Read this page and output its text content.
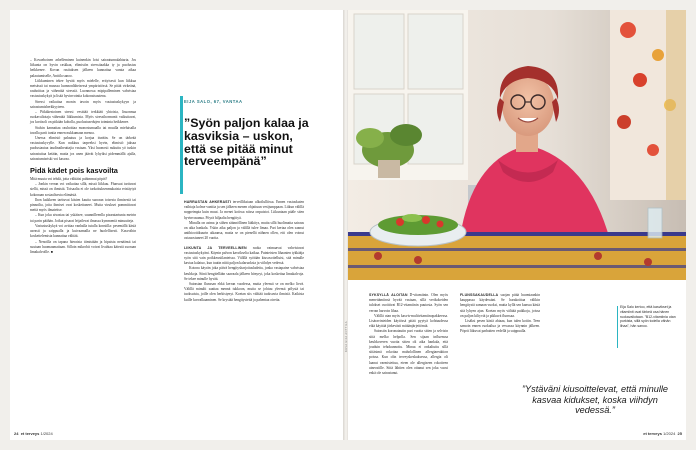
– Kovaehoinen arhelleminen kuinenkin loisi sairaatunnalahtarta. Jos liikunta on hyvin raskkaa, elimistön stressitaakka ty ja puolustus heikkenee. Kovan rasituksen jälkeen kannattaa varata aikaa palautumiselle, Anttila sanoo.

Liikkuminen tekee hyvää myös mielelle, erityisesti kun liikkua metsässä tai muussa luonnonläheisessä ympäristössä. Se pitää virkeänä, rauhoittaa ja vähentää stressiä. Luonnossa mipipalleminen vahvistaa vastustuskykyä ja lisää hyvinvointia kokonaisuutena.

Stressi vaikuttaa monin tavoin myös vastustuskykyyn ja sairastumisherkkyyteen.

– Pitkäkestoinen stressi vesittää terkkiäti yhtoisia, lisuonnua ruokavaliotaja vähentää liikkumista. Myös stressihormonit vaikuttavat, jos kortisoli on pitkään koholla, puolustusedujen toiminta heikkenee.

Stalsin kannattaa rauhoittaa monostumaalla tai muulla mieluisalla tavalla parit tuntia ennen nukkumaan menoa.

Unessa elimistö palautuu ja korjaa itseään. Se on tärkeää vastustuskyvylle. Kun nukkuu tarpeeksi hyvin, elimistö jaksaa puolustautua taudinaiheuttajia vastaan. Yksi huonosti nukuttu yö tuskin sairastuttaa ketään, mutta jos unen jäävät lyhyiksi pidemmällä ajalla, sairastumisriski voi kasvaa.

Pidä kädet pois kasvoilta

Mitä muuta voi tehdä, jotta välttäisi pahimmat pöpöt?

– Jonkin verran voi vaikuttaa sillä, missä liikkuu. Flunssat tarttuvat siellä, missä on ihmisiä. Toisaalta ei ole tarkoituksenmukaista eristäytyä kokonaan sosiaalisesta elämästä.

Ihon kaikkeen tarttuvat käsien kautta suoraan toisesta ihmisestä tai pinnoilta, joita ihmiset ovat koskettaneet. Mutta virukset pommittavat meitä myös ilmateitse.

– Kun joku aivastaa tai yskäisee, suunnilleenlla pisaratartunta metrin tai parin päähän. Jotkut pisarat leijailevat ilmassa kymmeniä minuutteja.

Vastustuskykyä voi avittaa vanhalla tutulla konstilla: pesemällä käsiä useasti ja saippualla ja kuivaamalla ne huolellisesti. Kasvoihin koskettelemista kannattaa välttää.

– Nenoilla on tapana hieraista tiimistään ja hipaista nenäänsä tai suutaan huomaamattaan. Silloin mikrobit voivat livahtaa kätestä suoraan limakalvoille. ■

EIJA SALO, 67, VANTAA
”Syön paljon kalaa ja kasviksia – uskon, että se pitää minut terveempänä”

HARRASTAN AHKERASTI terveilliksiaan ulkoilulliissa. Ennen vastuskuten vaihtaja kolme vanttia ja sen jälkeen menen ohjattuun vesijumppaan. Liikun välillä noppeimpia kuin muut. Ja menet kotissa niissa onpuistot. Liikuntaan pääle siten hyvinvasanua. Pöyrä hiljaalta hengittyä.

Minulla on astma ja siihen säännöllinen lääkitys, mutta sillä huolimatta sairaus on aika hankala. Yskin aika paljon ja välillä tulee limaa. Pari kertaa olen saanut antibioottikuurin aikaansa, mutta se on pienellä nähnen ollen, etti olen voinut ostauostuneet 20 vuotta.

LIIKUNTA JA TERVEELLINEN ruoka vaimaavat vahvistavat vastustuskykyäni. Käynin palvon kasvikselia kaikaa. Puinteisten lihaanien tykkääja syön sitä vain poikkeustilanteissa. Välillä syötään kiusosottelluist, sitä minulle kavtaa kalatuo, kun tuutin niitä paljon kalaruoksia ja viihdyn vedessä.

Kotona käyrän joka päivä hengitysharjoitusladetta, jonka vastapaine vahvistaa keuhkoja. Siinä hengitellään saavaala jälkeen hönyryt, joka koskettaa limakalvoja. Se tekee minulle hyvää.

Sairastan flunssan ehkä kerran vuodessa, mutta yleensä se on melko lievä. Välillä minulti saattaa mennä tukkoon, mutta se johtuu yleensä pölystä tai tuoksuista, joille olen herkistynyt. Koetan siis välttää tuoksuvia ihmisiä. Kaikista kuille korvalkaaminen. Se krystää hengitysteitä ja pahentaa oireita.

24 et terveys 1/2024
KUVA EIJA ANTTILA

SYKSYLLÄ ALOITAN D-vitamiinin. Olen myös menettämiinsä hyvää vastaan, sillä verikokeiden tulokset osoittivat B12-vitamiinin puutosta. Syön sen verran harvoin lihaa.

Välillä otan myös kasvis-multivitamiinopakkeessa. Lisäravinteiden käytössä pitää pyytyä kohtuudessa eikä käyttää järkevästi mitäänjärjettömiä.

Sairastin koronatautin pari vuotta sitten ja selvisin siitä melko helpolla. Sen sijaan influenssa keuhkoveren vuotta sitten oli aika hankala, että jouduin tehokunnottu. Minua ei onkaltuttu sillä siitäsimä rokottaa maholollinen allergiareaktion poissa. Kun olin terveyskeskuksessa, allergia oli laanut varmistettua, eteen ole allergiseen rokotteen aineosiille. Siitä lähtien olen ottanut sen joka vuosi enkä ole sairastanut.

FLUNSSAKAUDELLA suojan pitää huomiaankin kauppassa käydessäni. Se harakoittaa välikin hengitystä samaan vuoksi, mutta kyllä sen kanssa käsiä sitä lyhyen ajan. Koetan myös välttää paikkoja, joissa on paljon kiltyviä ja pikkuvä flunssaa.

Lisäksi pesen käsiä ahtaaa, kun tulen kotiin. Teen samoin ennen ruokailua ja vessassa käynnin jälkeen. Pöprit liikuvat parhaiten vedellä ja saippualla.

Eija Salo kertoo, että kasvikset ja vitamiinit ovat tärkeä osa hänen ruokavaliotaan. ”B12-vitamiinia otan purkista, sillä syön todella vähän lihaa”, hän sanoo.
”Ystäväni kiusoittelevat, että minulle kasvaa kidukset, koska viihdyn vedessä.”
et terveys 1/2024 25
